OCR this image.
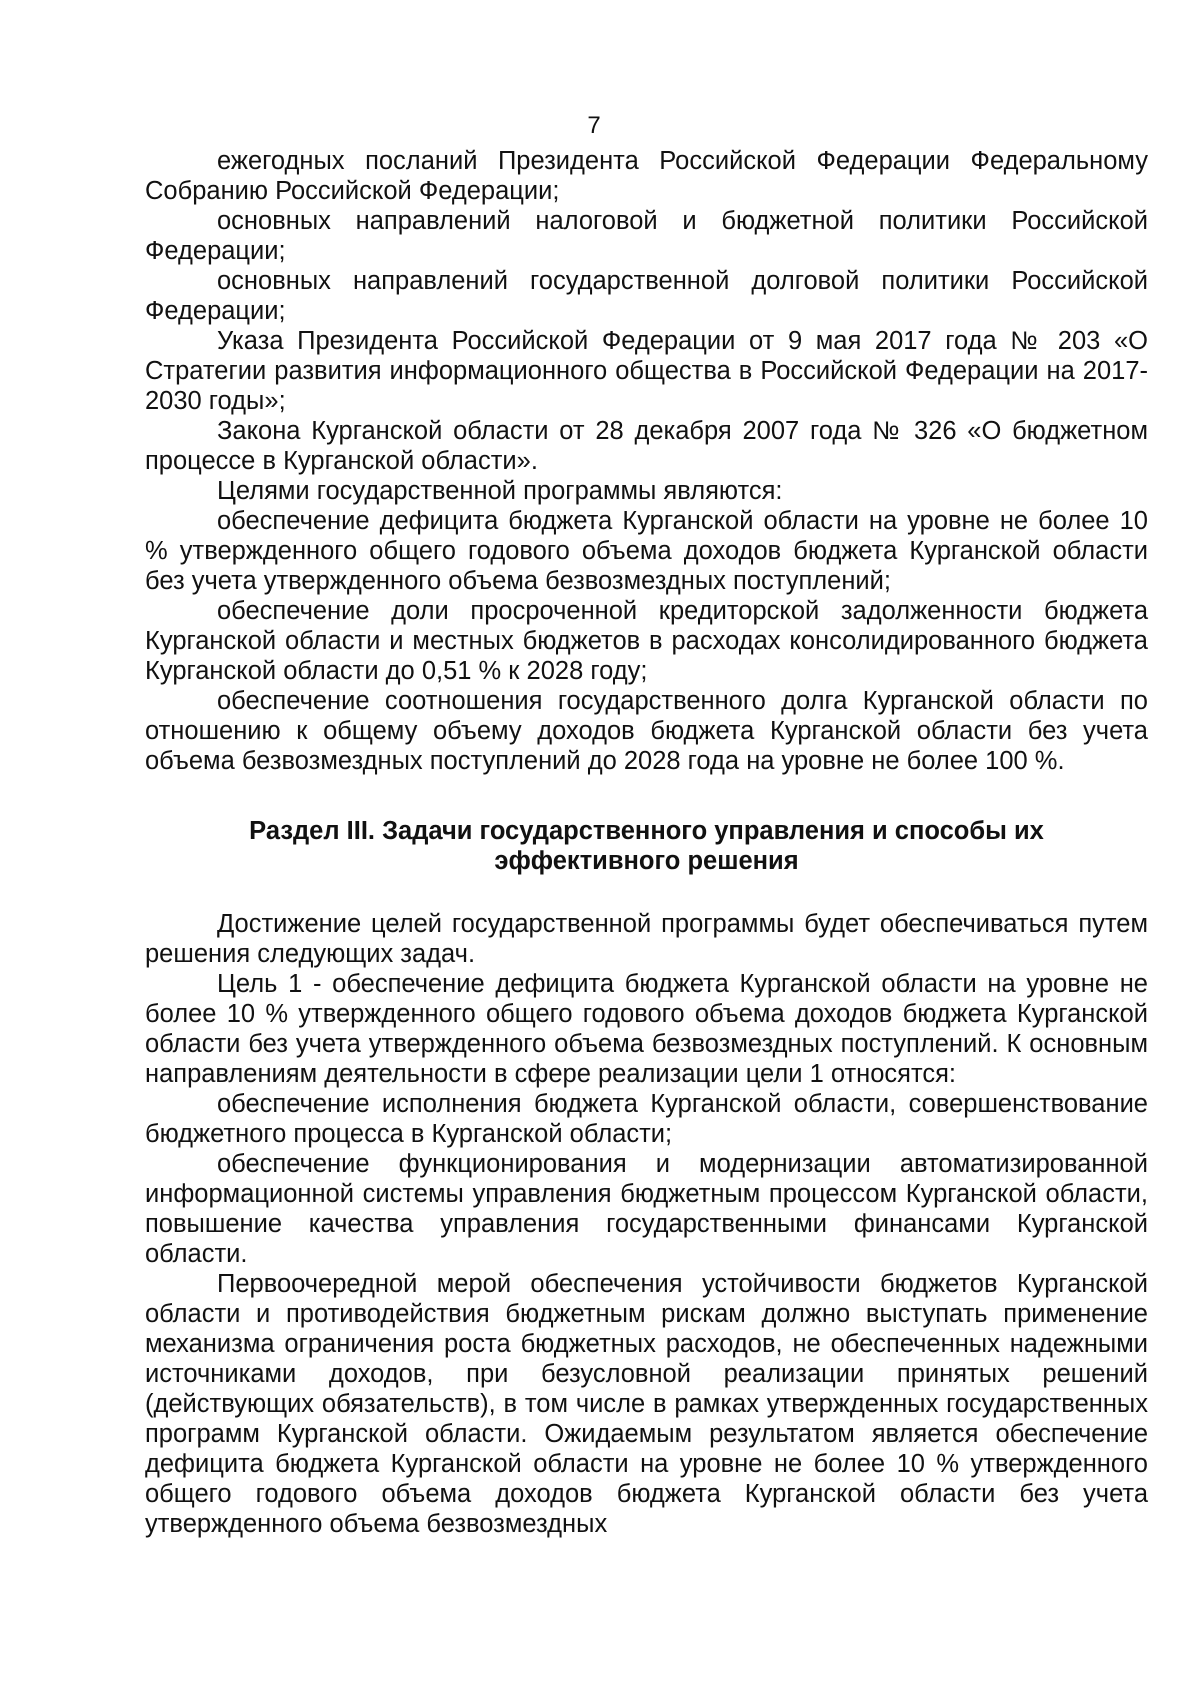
7

ежегодных посланий Президента Российской Федерации Федеральному Собранию Российской Федерации;

основных направлений налоговой и бюджетной политики Российской Федерации;

основных направлений государственной долговой политики Российской Федерации;

Указа Президента Российской Федерации от 9 мая 2017 года № 203 «О Стратегии развития информационного общества в Российской Федерации на 2017-2030 годы»;

Закона Курганской области от 28 декабря 2007 года № 326 «О бюджетном процессе в Курганской области».

Целями государственной программы являются:

обеспечение дефицита бюджета Курганской области на уровне не более 10 % утвержденного общего годового объема доходов бюджета Курганской области без учета утвержденного объема безвозмездных поступлений;

обеспечение доли просроченной кредиторской задолженности бюджета Курганской области и местных бюджетов в расходах консолидированного бюджета Курганской области до 0,51 % к 2028 году;

обеспечение соотношения государственного долга Курганской области по отношению к общему объему доходов бюджета Курганской области без учета объема безвозмездных поступлений до 2028 года на уровне не более 100 %.

Раздел III. Задачи государственного управления и способы их
эффективного решения

Достижение целей государственной программы будет обеспечиваться путем решения следующих задач.

Цель 1 - обеспечение дефицита бюджета Курганской области на уровне не более 10 % утвержденного общего годового объема доходов бюджета Курганской области без учета утвержденного объема безвозмездных поступлений. К основным направлениям деятельности в сфере реализации цели 1 относятся:

обеспечение исполнения бюджета Курганской области, совершенствование бюджетного процесса в Курганской области;

обеспечение функционирования и модернизации автоматизированной информационной системы управления бюджетным процессом Курганской области, повышение качества управления государственными финансами Курганской области.

Первоочередной мерой обеспечения устойчивости бюджетов Курганской области и противодействия бюджетным рискам должно выступать применение механизма ограничения роста бюджетных расходов, не обеспеченных надежными источниками доходов, при безусловной реализации принятых решений (действующих обязательств), в том числе в рамках утвержденных государственных программ Курганской области. Ожидаемым результатом является обеспечение дефицита бюджета Курганской области на уровне не более 10 % утвержденного общего годового объема доходов бюджета Курганской области без учета утвержденного объема безвозмездных
